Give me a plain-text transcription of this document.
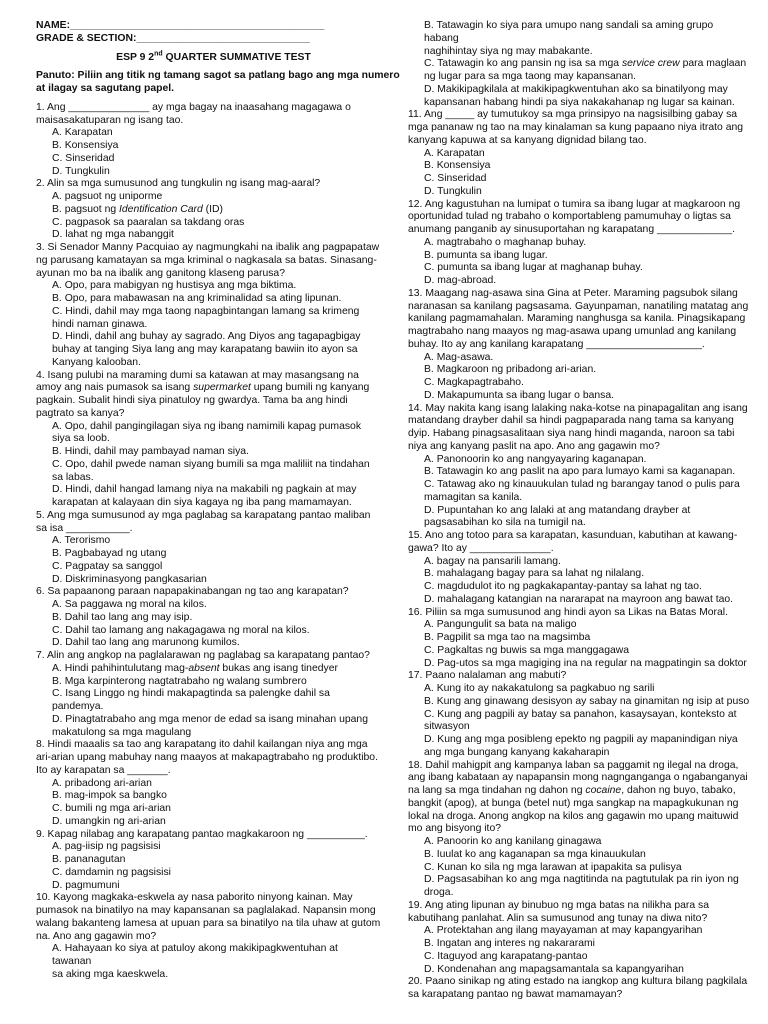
NAME:____________________________________________
GRADE & SECTION:______________________________
ESP 9 2nd QUARTER SUMMATIVE TEST
Panuto: Piliin ang titik ng tamang sagot sa patlang bago ang mga numero
at ilagay sa sagutang papel.
1. Ang ______________ ay mga bagay na inaasahang magagawa o
maisasakatuparan ng isang tao.
A. Karapatan
B. Konsensiya
C. Sinseridad
D. Tungkulin
2. Alin sa mga sumusunod ang tungkulin ng isang mag-aaral?
A. pagsuot ng uniporme
B. pagsuot ng Identification Card (ID)
C. pagpasok sa paaralan sa takdang oras
D. lahat ng mga nabanggit
3. Si Senador Manny Pacquiao ay nagmungkahi na ibalik ang pagpapataw
ng parusang kamatayan sa mga kriminal o nagkasala sa batas. Sinasang-
ayunan mo ba na ibalik ang ganitong klaseng parusa?
A. Opo, para mabigyan ng hustisya ang mga biktima.
B. Opo, para mabawasan na ang kriminalidad sa ating lipunan.
C. Hindi, dahil may mga taong napagbintangan lamang sa krimeng
hindi naman ginawa.
D. Hindi, dahil ang buhay ay sagrado. Ang Diyos ang tagapagbigay
buhay at tanging Siya lang ang may karapatang bawiin ito ayon sa
Kanyang kalooban.
4. Isang pulubi na maraming dumi sa katawan at may masangsang na
amoy ang nais pumasok sa isang supermarket upang bumili ng kanyang
pagkain. Subalit hindi siya pinatuloy ng gwardya. Tama ba ang hindi
pagtrato sa kanya?
A. Opo, dahil pangingilagan siya ng ibang namimili kapag pumasok
siya sa loob.
B. Hindi, dahil may pambayad naman siya.
C. Opo, dahil pwede naman siyang bumili sa mga maliliit na tindahan
sa labas.
D. Hindi, dahil hangad lamang niya na makabili ng pagkain at may
karapatan at kalayaan din siya kagaya ng iba pang mamamayan.
5. Ang mga sumusunod ay mga paglabag sa karapatang pantao maliban
sa isa ___________.
A. Terorismo
B. Pagbabayad ng utang
C. Pagpatay sa sanggol
D. Diskriminasyong pangkasarian
6. Sa papaanong paraan napapakinabangan ng tao ang karapatan?
A. Sa paggawa ng moral na kilos.
B. Dahil tao lang ang may isip.
C. Dahil tao lamang ang nakagagawa ng moral na kilos.
D. Dahil tao lang ang marunong kumilos.
7. Alin ang angkop na paglalarawan ng paglabag sa karapatang pantao?
A. Hindi pahihintulutang mag-absent bukas ang isang tinedyer
B. Mga karpinterong nagtatrabaho ng walang sumbrero
C. Isang Linggo ng hindi makapagtinda sa palengke dahil sa
pandemya.
D. Pinagtatrabaho ang mga menor de edad sa isang minahan upang
makatulong sa mga magulang
8. Hindi maaalis sa tao ang karapatang ito dahil kailangan niya ang mga
ari-arian upang mabuhay nang maayos at makapagtrabaho ng produktibo.
Ito ay karapatan sa _______.
A. pribadong ari-arian
B. mag-impok sa bangko
C. bumili ng mga ari-arian
D. umangkin ng ari-arian
9. Kapag nilabag ang karapatang pantao magkakaroon ng __________.
A. pag-iisip ng pagsisisi
B. pananagutan
C. damdamin ng pagsisisi
D. pagmumuni
10. Kayong magkaka-eskwela ay nasa paborito ninyong kainan. May
pumasok na binatilyo na may kapansanan sa paglalakad. Napansin mong
walang bakanteng lamesa at upuan para sa binatilyo na tila uhaw at gutom
na. Ano ang gagawin mo?
A. Hahayaan ko siya at patuloy akong makikipagkwentuhan at
tawanan
sa aking mga kaeskwela.
B. Tatawagin ko siya para umupo nang sandali sa aming grupo
habang
naghihintay siya ng may mabakante.
C. Tatawagin ko ang pansin ng isa sa mga service crew para maglaan
ng lugar para sa mga taong may kapansanan.
D. Makikipagkilala at makikipagkwentuhan ako sa binatilyong may
kapansanan habang hindi pa siya nakakahanap ng lugar sa kainan.
11. Ang _____ ay tumutukoy sa mga prinsipyo na nagsisilbing gabay sa
mga pananaw ng tao na may kinalaman sa kung papaano niya itrato ang
kanyang kapuwa at sa kanyang dignidad bilang tao.
A. Karapatan
B. Konsensiya
C. Sinseridad
D. Tungkulin
12. Ang kagustuhan na lumipat o tumira sa ibang lugar at magkaroon ng
oportunidad tulad ng trabaho o komportableng pamumuhay o ligtas sa
anumang panganib ay sinusuportahan ng karapatang _____________.
A. magtrabaho o maghanap buhay.
B. pumunta sa ibang lugar.
C. pumunta sa ibang lugar at maghanap buhay.
D. mag-abroad.
13. Maagang nag-asawa sina Gina at Peter. Maraming pagsubok silang
naranasan sa kanilang pagsasama. Gayunpaman, nanatiling matatag ang
kanilang pagmamahalan. Maraming nanghusga sa kanila. Pinagsikapang
magtrabaho nang maayos ng mag-asawa upang umunlad ang kanilang
buhay. Ito ay ang kanilang karapatang ____________________.
A. Mag-asawa.
B. Magkaroon ng pribadong ari-arian.
C. Magkapagtrabaho.
D. Makapumunta sa ibang lugar o bansa.
14. May nakita kang isang lalaking naka-kotse na pinapagalitan ang isang
matandang drayber dahil sa hindi pagpaparada nang tama sa kanyang
dyip. Habang pinagsasalitaan siya nang hindi maganda, naroon sa tabi
niya ang kanyang paslit na apo. Ano ang gagawin mo?
A. Panonoorin ko ang nangyayaring kaganapan.
B. Tatawagin ko ang paslit na apo para lumayo kami sa kaganapan.
C. Tatawag ako ng kinauukulan tulad ng barangay tanod o pulis para
mamagitan sa kanila.
D. Pupuntahan ko ang lalaki at ang matandang drayber at
pagsasabihan ko sila na tumigil na.
15. Ano ang totoo para sa karapatan, kasunduan, kabutihan at kawang-
gawa? Ito ay ______________.
A. bagay na pansarili lamang.
B. mahalagang bagay para sa lahat ng nilalang.
C. magdudulot ito ng pagkakapantay-pantay sa lahat ng tao.
D. mahalagang katangian na nararapat na mayroon ang bawat tao.
16. Piliin sa mga sumusunod ang hindi ayon sa Likas na Batas Moral.
A. Pangungulit sa bata na maligo
B. Pagpilit sa mga tao na magsimba
C. Pagkaltas ng buwis sa mga manggagawa
D. Pag-utos sa mga magiging ina na regular na magpatingin sa doktor
17. Paano nalalaman ang mabuti?
A. Kung ito ay nakakatulong sa pagkabuo ng sarili
B. Kung ang ginawang desisyon ay sabay na ginamitan ng isip at puso
C. Kung ang pagpili ay batay sa panahon, kasaysayan, konteksto at
sitwasyon
D. Kung ang mga posibleng epekto ng pagpili ay mapanindigan niya
ang mga bungang kanyang kakaharapin
18. Dahil mahigpit ang kampanya laban sa paggamit ng ilegal na droga,
ang ibang kabataan ay napapansin mong nagnganganga o ngabanganyai
na lang sa mga tindahan ng dahon ng cocaine, dahon ng buyo, tabako,
bangkit (apog), at bunga (betel nut) mga sangkap na mapagkukunan ng
lokal na droga. Anong angkop na kilos ang gagawin mo upang maituwid
mo ang bisyong ito?
A. Panoorin ko ang kanilang ginagawa
B. Iuulat ko ang kaganapan sa mga kinauukulan
C. Kunan ko sila ng mga larawan at ipapakita sa pulisya
D. Pagsasabihan ko ang mga nagtitinda na pagtutulak pa rin iyon ng
droga.
19. Ang ating lipunan ay binubuo ng mga batas na nilikha para sa
kabutihang panlahat. Alin sa sumusunod ang tunay na diwa nito?
A. Protektahan ang ilang mayayaman at may kapangyarihan
B. Ingatan ang interes ng nakararami
C. Itaguyod ang karapatang-pantao
D. Kondenahan ang mapagsamantala sa kapangyarihan
20. Paano sinikap ng ating estado na iangkop ang kultura bilang pagkilala
sa karapatang pantao ng bawat mamamayan?
